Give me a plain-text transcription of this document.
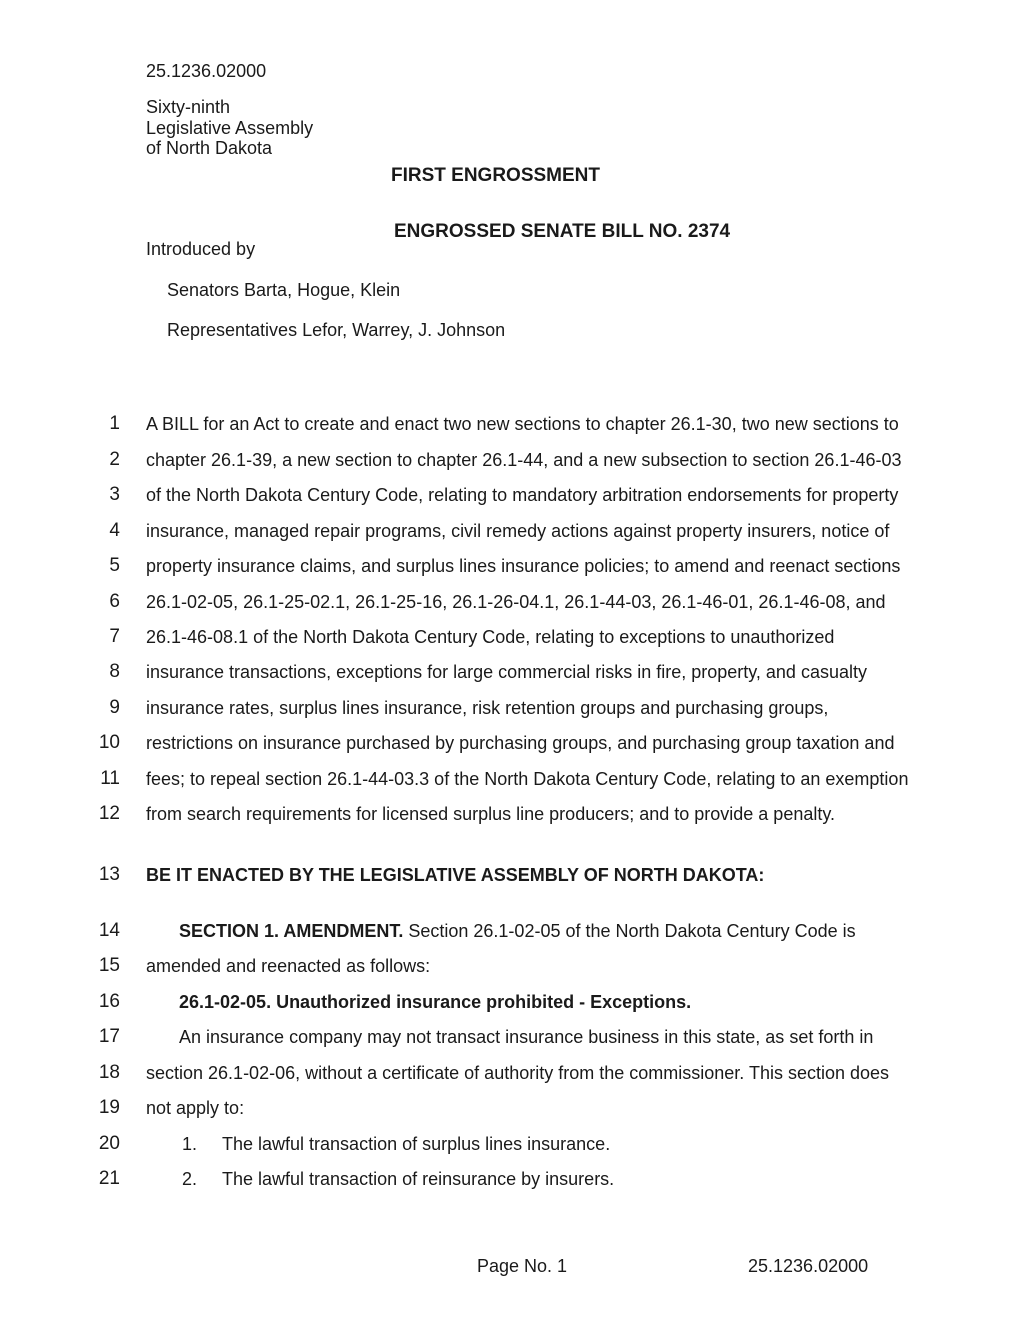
25.1236.02000
Sixty-ninth
Legislative Assembly
of North Dakota
FIRST ENGROSSMENT
ENGROSSED SENATE BILL NO. 2374
Introduced by
Senators Barta, Hogue, Klein
Representatives Lefor, Warrey, J. Johnson
1
2
3
4
5
6
7
8
9
10
11
12
13
14
15
16
17
18
19
20
21
A BILL for an Act to create and enact two new sections to chapter 26.1-30, two new sections to
chapter 26.1-39, a new section to chapter 26.1-44, and a new subsection to section 26.1-46-03
of the North Dakota Century Code, relating to mandatory arbitration endorsements for property
insurance, managed repair programs, civil remedy actions against property insurers, notice of
property insurance claims, and surplus lines insurance policies; to amend and reenact sections
26.1-02-05, 26.1-25-02.1, 26.1-25-16, 26.1-26-04.1, 26.1-44-03, 26.1-46-01, 26.1-46-08, and
26.1-46-08.1 of the North Dakota Century Code, relating to exceptions to unauthorized
insurance transactions, exceptions for large commercial risks in fire, property, and casualty
insurance rates, surplus lines insurance, risk retention groups and purchasing groups,
restrictions on insurance purchased by purchasing groups, and purchasing group taxation and
fees; to repeal section 26.1-44-03.3 of the North Dakota Century Code, relating to an exemption
from search requirements for licensed surplus line producers; and to provide a penalty.
BE IT ENACTED BY THE LEGISLATIVE ASSEMBLY OF NORTH DAKOTA:
SECTION 1. AMENDMENT. Section 26.1-02-05 of the North Dakota Century Code is
amended and reenacted as follows:
26.1-02-05. Unauthorized insurance prohibited - Exceptions.
An insurance company may not transact insurance business in this state, as set forth in
section 26.1-02-06, without a certificate of authority from the commissioner. This section does
not apply to:
1. The lawful transaction of surplus lines insurance.
2. The lawful transaction of reinsurance by insurers.
Page No. 1	25.1236.02000
